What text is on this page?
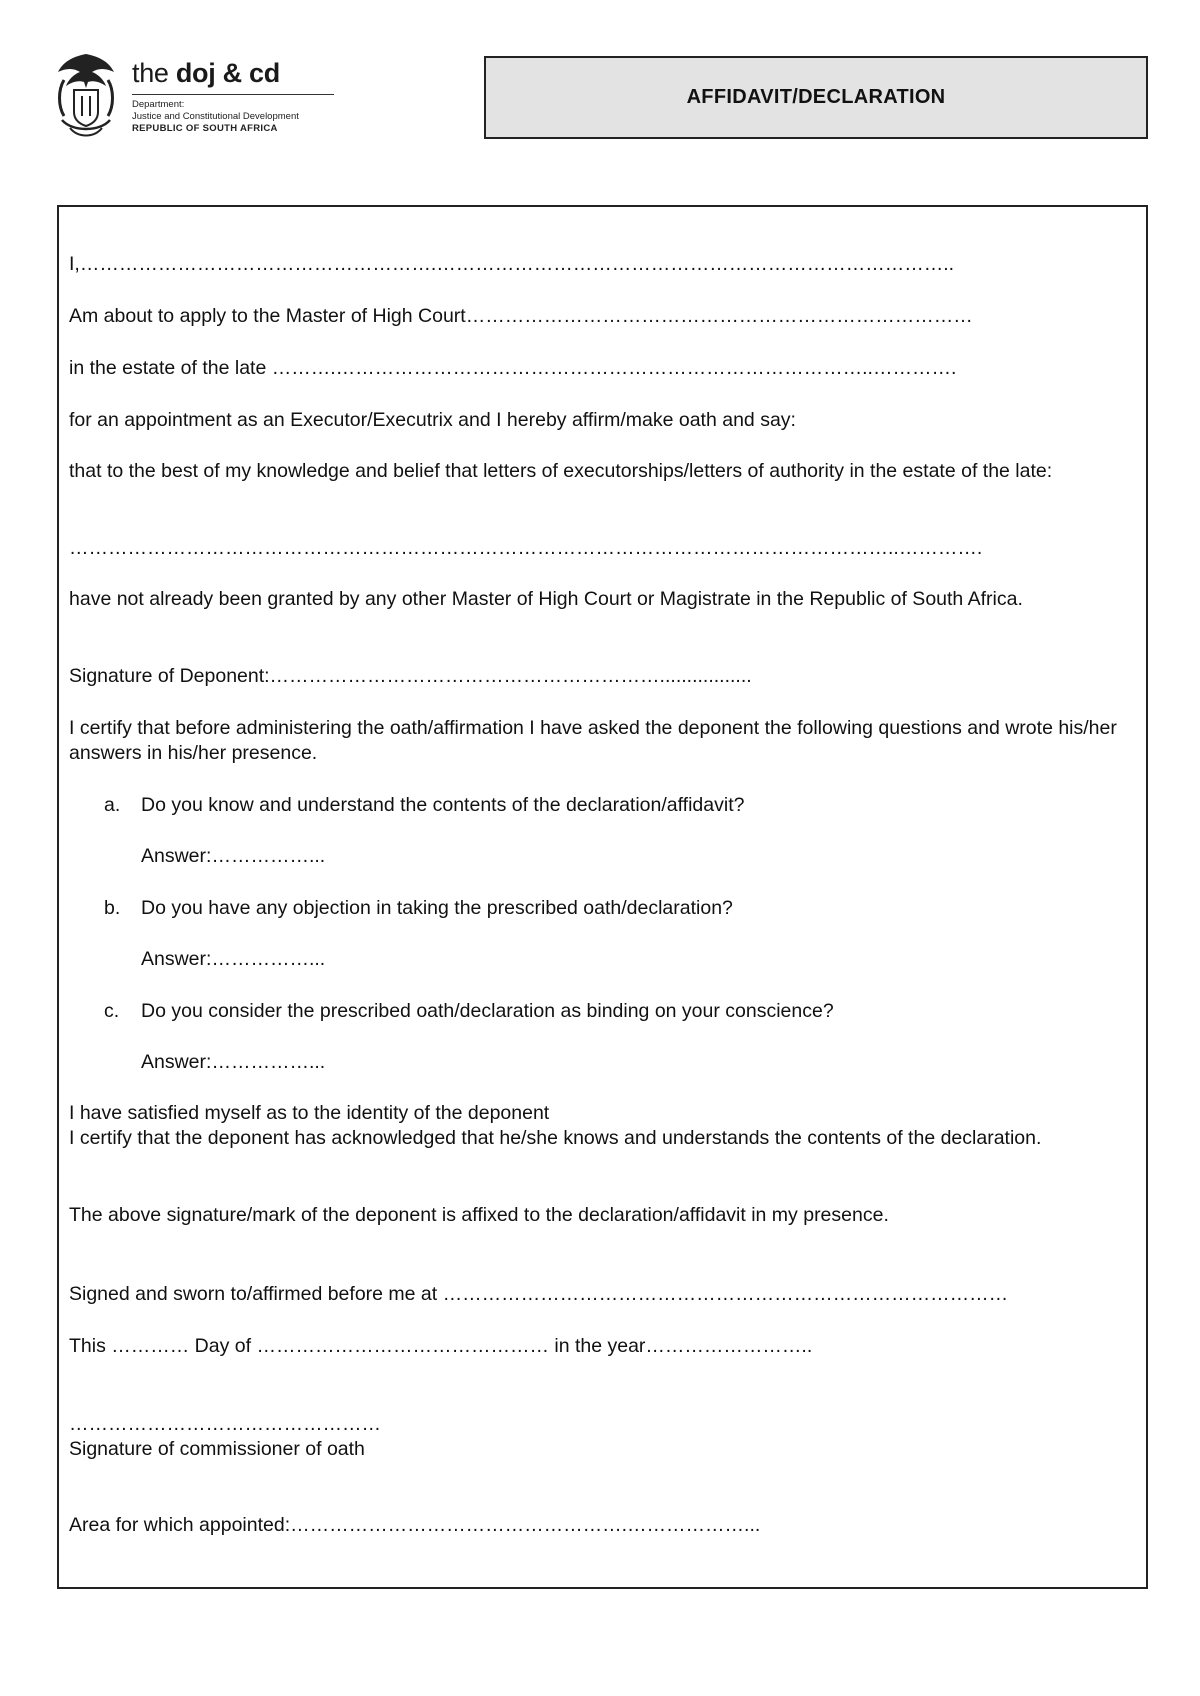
the doj & cd
Department:
Justice and Constitutional Development
REPUBLIC OF SOUTH AFRICA
AFFIDAVIT/DECLARATION
I,……………………………………………….……………………………………………………………………..
Am about to apply to the Master of High Court……………………………………………………………………
in the estate of the late ……….………………………………………………………………………..………….
for an appointment as an Executor/Executrix and I hereby affirm/make oath and say:
that to the best of my knowledge and belief that letters of executorships/letters of authority in the estate of the late:
………………………………………………………………………………………………………………..………….
have not already been granted by any other Master of High Court or Magistrate in the Republic of South Africa.
Signature of Deponent:…………………………………………………….................
I certify that before administering the oath/affirmation I have asked the deponent the following questions and wrote his/her answers in his/her presence.
a. Do you know and understand the contents of the declaration/affidavit?
Answer:……………...
b. Do you have any objection in taking the prescribed oath/declaration?
Answer:……………...
c. Do you consider the prescribed oath/declaration as binding on your conscience?
Answer:……………...
I have satisfied myself as to the identity of the deponent
I certify that the deponent has acknowledged that he/she knows and understands the contents of the declaration.
The above signature/mark of the deponent is affixed to the declaration/affidavit in my presence.
Signed and sworn to/affirmed before me at ……………………………………………………………………………
This ………… Day of ……………………………………… in the year……………………..
…………………………………………
Signature of commissioner of oath
Area for which appointed:…………………………………………….………………...
